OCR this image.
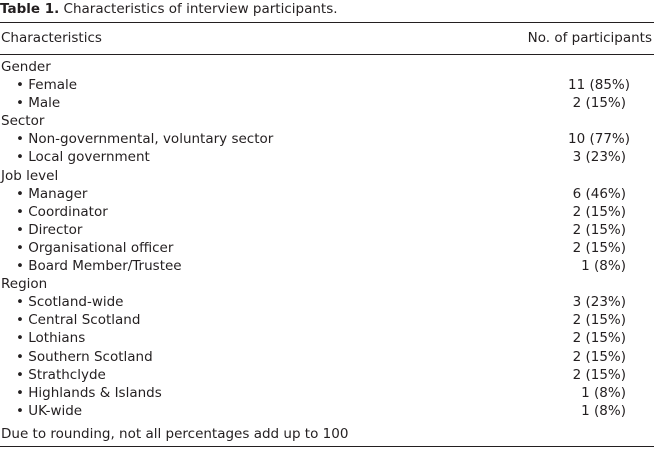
Table 1. Characteristics of interview participants.
Characteristics	No. of participants
Gender
• Female	11 (85%)
• Male	2 (15%)
Sector
• Non-governmental, voluntary sector	10 (77%)
• Local government	3 (23%)
Job level
• Manager	6 (46%)
• Coordinator	2 (15%)
• Director	2 (15%)
• Organisational officer	2 (15%)
• Board Member/Trustee	1 (8%)
Region
• Scotland-wide	3 (23%)
• Central Scotland	2 (15%)
• Lothians	2 (15%)
• Southern Scotland	2 (15%)
• Strathclyde	2 (15%)
• Highlands & Islands	1 (8%)
• UK-wide	1 (8%)
Due to rounding, not all percentages add up to 100
